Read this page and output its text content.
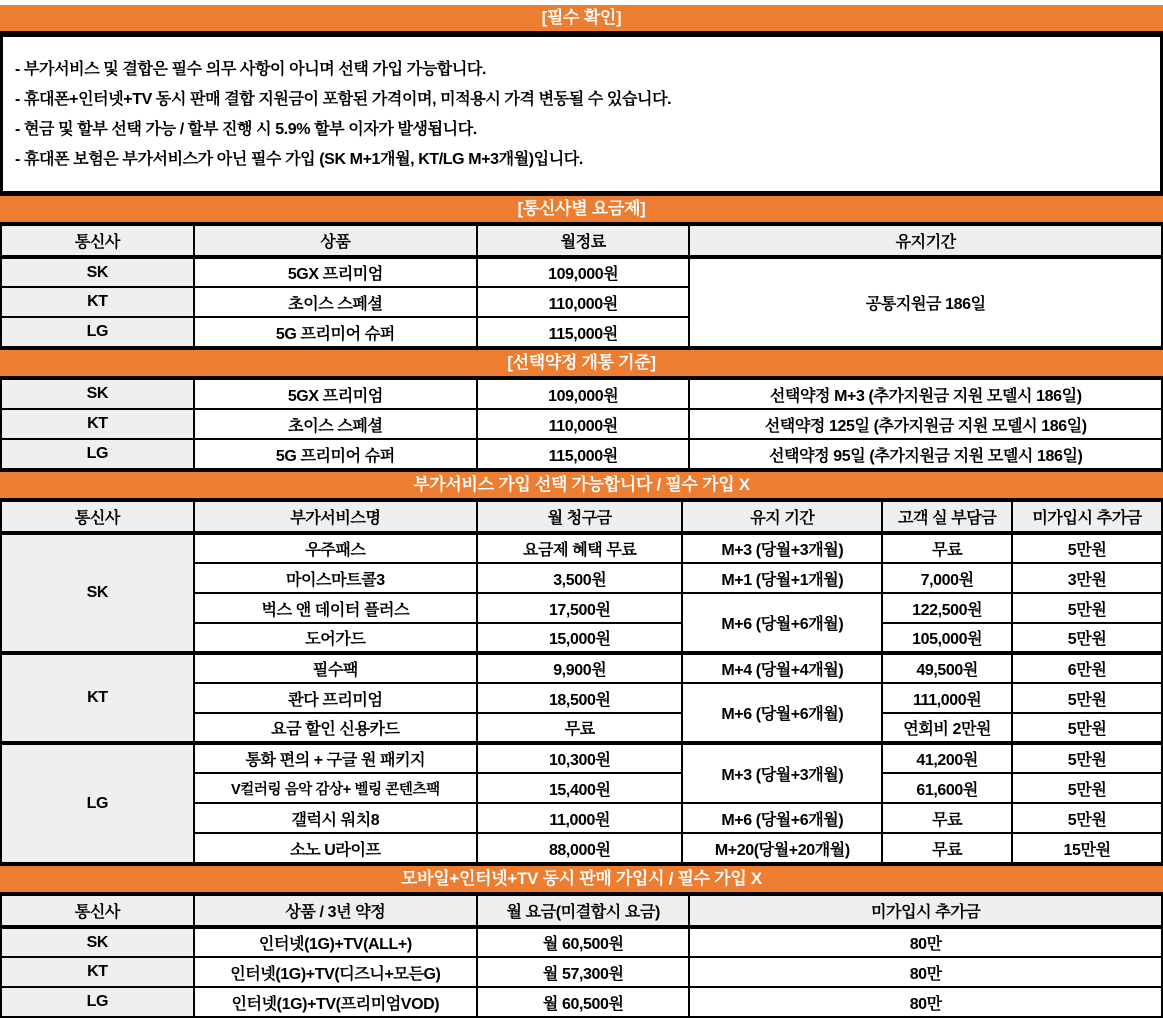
[필수 확인]

- 부가서비스 및 결합은 필수 의무 사항이 아니며 선택 가입 가능합니다.

- 휴대폰+인터넷+TV 동시 판매 결합 지원금이 포함된 가격이며, 미적용시 가격 변동될 수 있습니다.

- 현금 및 할부 선택 가능 / 할부 진행 시 5.9% 할부 이자가 발생됩니다.

- 휴대폰 보험은 부가서비스가 아닌 필수 가입 (SK M+1개월, KT/LG M+3개월)입니다.

[통신사별 요금제]
통신사	상품	월정료	유지기간
SK	5GX 프리미엄	109,000원	공통지원금 186일
KT	초이스 스페셜	110,000원	
LG	5G 프리미어 슈퍼	115,000원	
[선택약정 개통 기준]
SK	5GX 프리미엄	109,000원	선택약정 M+3 (추가지원금 지원 모델시 186일)
KT	초이스 스페셜	110,000원	선택약정 125일 (추가지원금 지원 모델시 186일)
LG	5G 프리미어 슈퍼	115,000원	선택약정 95일 (추가지원금 지원 모델시 186일)
부가서비스 가입 선택 가능합니다 / 필수 가입 X
통신사	부가서비스명	월 청구금	유지 기간	고객 실 부담금	미가입시 추가금
SK	우주패스	요금제 혜택 무료	M+3 (당월+3개월)	무료	5만원
	마이스마트콜3	3,500원	M+1 (당월+1개월)	7,000원	3만원
	벅스 앤 데이터 플러스	17,500원	M+6 (당월+6개월)	122,500원	5만원
	도어가드	15,000원		105,000원	5만원
KT	필수팩	9,900원	M+4 (당월+4개월)	49,500원	6만원
	콴다 프리미엄	18,500원	M+6 (당월+6개월)	111,000원	5만원
	요금 할인 신용카드	무료		연회비 2만원	5만원
LG	통화 편의 + 구글 원 패키지	10,300원	M+3 (당월+3개월)	41,200원	5만원
	V컬러링 음악 감상+ 벨링 콘텐츠팩	15,400원		61,600원	5만원
	갤럭시 워치8	11,000원	M+6 (당월+6개월)	무료	5만원
	소노 U라이프	88,000원	M+20(당월+20개월)	무료	15만원
모바일+인터넷+TV 동시 판매 가입시 / 필수 가입 X
통신사	상품 / 3년 약정	월 요금(미결합시 요금)	미가입시 추가금
SK	인터넷(1G)+TV(ALL+)	월 60,500원	80만
KT	인터넷(1G)+TV(디즈니+모든G)	월 57,300원	80만
LG	인터넷(1G)+TV(프리미엄VOD)	월 60,500원	80만
